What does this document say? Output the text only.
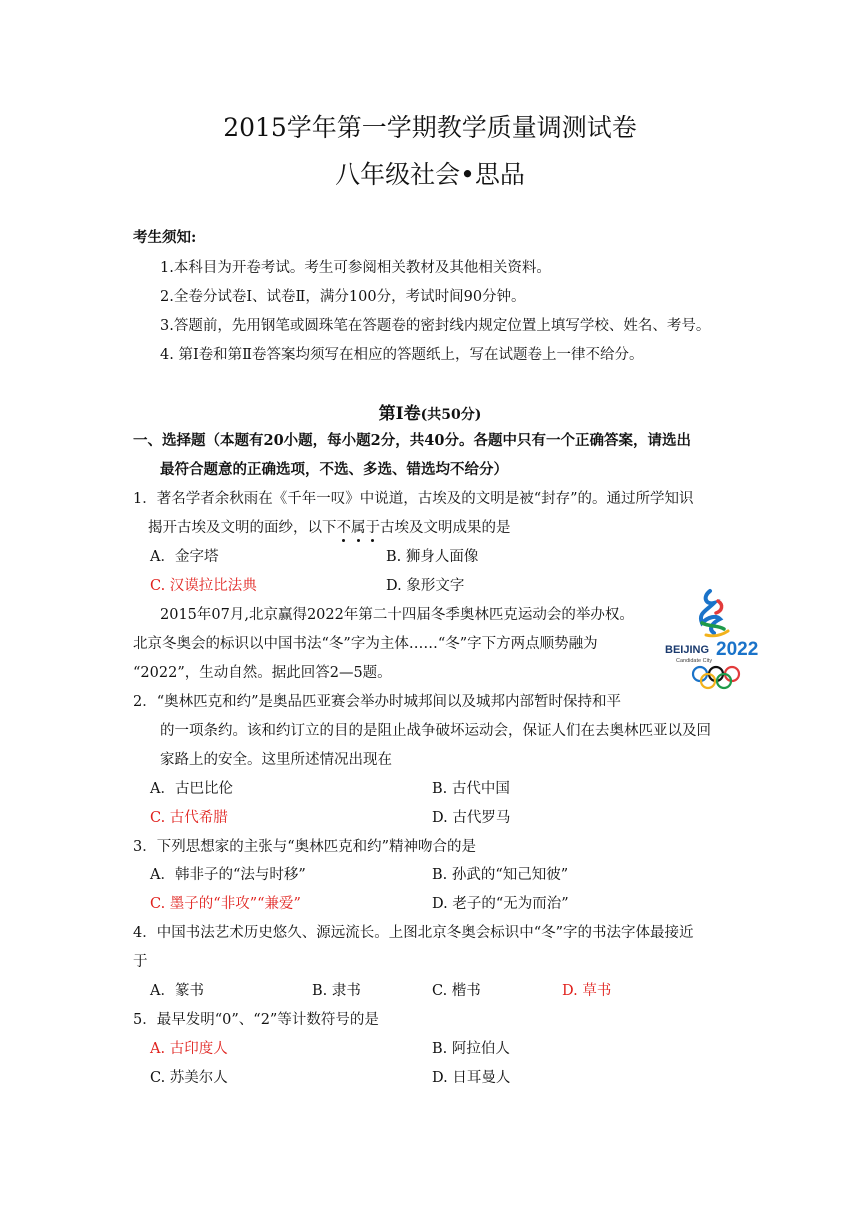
2015学年第一学期教学质量调测试卷
八年级社会•思品
考生须知:
1.本科目为开卷考试。考生可参阅相关教材及其他相关资料。
2.全卷分试卷Ⅰ、试卷Ⅱ，满分100分，考试时间90分钟。
3.答题前，先用钢笔或圆珠笔在答题卷的密封线内规定位置上填写学校、姓名、考号。
4. 第Ⅰ卷和第Ⅱ卷答案均须写在相应的答题纸上，写在试题卷上一律不给分。
第Ⅰ卷(共50分)
一、选择题（本题有20小题，每小题2分，共40分。各题中只有一个正确答案，请选出
最符合题意的正确选项，不选、多选、错选均不给分）
1．著名学者余秋雨在《千年一叹》中说道，古埃及的文明是被“封存”的。通过所学知识
揭开古埃及文明的面纱，以下不属于古埃及文明成果的是
A．金字塔	B. 狮身人面像
C. 汉谟拉比法典	D. 象形文字
2015年07月,北京赢得2022年第二十四届冬季奥林匹克运动会的举办权。
北京冬奥会的标识以中国书法“冬”字为主体……“冬”字下方两点顺势融为
“2022”，生动自然。据此回答2—5题。
BEIJING 2022
Candidate City
2．“奥林匹克和约”是奥品匹亚赛会举办时城邦间以及城邦内部暂时保持和平
的一项条约。该和约订立的目的是阻止战争破坏运动会，保证人们在去奥林匹亚以及回
家路上的安全。这里所述情况出现在
A．古巴比伦	B. 古代中国
C. 古代希腊	D. 古代罗马
3．下列思想家的主张与“奥林匹克和约”精神吻合的是
A．韩非子的“法与时移”	B. 孙武的“知己知彼”
C. 墨子的“非攻”“兼爱”	D. 老子的“无为而治”
4．中国书法艺术历史悠久、源远流长。上图北京冬奥会标识中“冬”字的书法字体最接近
于
A．篆书	B. 隶书	C. 楷书	D. 草书
5．最早发明“0”、“2”等计数符号的是
A. 古印度人	B. 阿拉伯人
C. 苏美尔人	D. 日耳曼人
